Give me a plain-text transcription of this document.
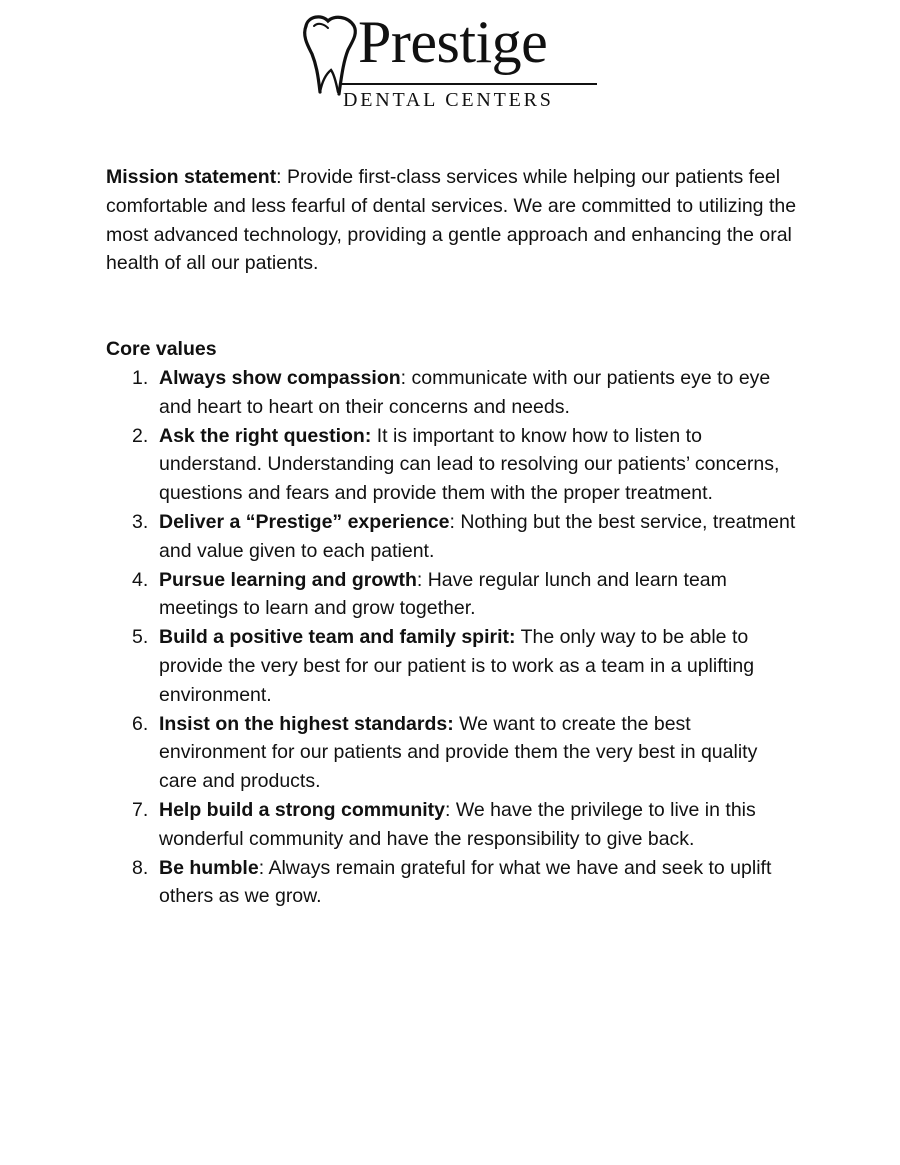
Prestige
DENTAL CENTERS

Mission statement: Provide first-class services while helping our patients feel comfortable and less fearful of dental services. We are committed to utilizing the most advanced technology, providing a gentle approach and enhancing the oral health of all our patients.

Core values

1. Always show compassion: communicate with our patients eye to eye and heart to heart on their concerns and needs.
2. Ask the right question: It is important to know how to listen to understand. Understanding can lead to resolving our patients’ concerns, questions and fears and provide them with the proper treatment.
3. Deliver a “Prestige” experience: Nothing but the best service, treatment and value given to each patient.
4. Pursue learning and growth: Have regular lunch and learn team meetings to learn and grow together.
5. Build a positive team and family spirit: The only way to be able to provide the very best for our patient is to work as a team in a uplifting environment.
6. Insist on the highest standards: We want to create the best environment for our patients and provide them the very best in quality care and products.
7. Help build a strong community: We have the privilege to live in this wonderful community and have the responsibility to give back.
8. Be humble: Always remain grateful for what we have and seek to uplift others as we grow.
